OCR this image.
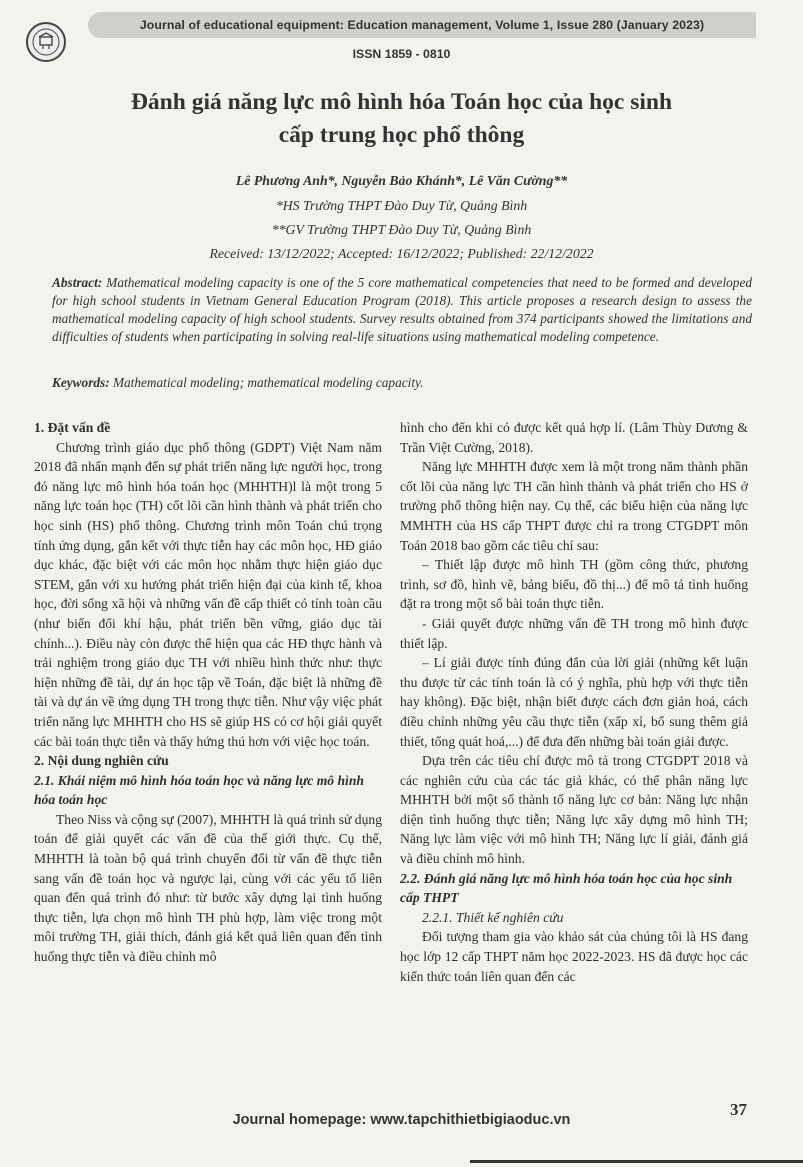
Journal of educational equipment: Education management, Volume 1, Issue 280 (January 2023)
ISSN 1859 - 0810
Đánh giá năng lực mô hình hóa Toán học của học sinh
cấp trung học phổ thông
Lê Phương Anh*, Nguyễn Bảo Khánh*, Lê Văn Cường**
*HS Trường THPT Đào Duy Từ, Quảng Bình
**GV Trường THPT Đào Duy Từ, Quảng Bình
Received: 13/12/2022; Accepted: 16/12/2022; Published: 22/12/2022
Abstract: Mathematical modeling capacity is one of the 5 core mathematical competencies that need to be formed and developed for high school students in Vietnam General Education Program (2018). This article proposes a research design to assess the mathematical modeling capacity of high school students. Survey results obtained from 374 participants showed the limitations and difficulties of students when participating in solving real-life situations using mathematical modeling competence.
Keywords: Mathematical modeling; mathematical modeling capacity.
1. Đặt vấn đề

Chương trình giáo dục phổ thông (GDPT) Việt Nam năm 2018 đã nhấn mạnh đến sự phát triển năng lực người học, trong đó năng lực mô hình hóa toán học (MHHTH)l là một trong 5 năng lực toán học (TH) cốt lõi cần hình thành và phát triển cho học sinh (HS) phổ thông. Chương trình môn Toán chú trọng tính ứng dụng, gắn kết với thực tiễn hay các môn học, HĐ giáo dục khác, đặc biệt với các môn học nhằm thực hiện giáo dục STEM, gắn với xu hướng phát triển hiện đại của kinh tế, khoa học, đời sống xã hội và những vấn đề cấp thiết có tính toàn cầu (như biến đổi khí hậu, phát triển bền vững, giáo dục tài chính...). Điều này còn được thể hiện qua các HĐ thực hành và trải nghiệm trong giáo dục TH với nhiều hình thức như: thực hiện những đề tài, dự án học tập về Toán, đặc biệt là những đề tài và dự án về ứng dụng TH trong thực tiễn. Như vậy việc phát triển năng lực MHHTH cho HS sẽ giúp HS có cơ hội giải quyết các bài toán thực tiễn và thấy hứng thú hơn với việc học toán.

2. Nội dung nghiên cứu
2.1. Khái niệm mô hình hóa toán học và năng lực mô hình hóa toán học

Theo Niss và cộng sự (2007), MHHTH là quá trình sử dụng toán để giải quyết các vấn đề của thế giới thực. Cụ thể, MHHTH là toàn bộ quá trình chuyển đổi từ vấn đề thực tiễn sang vấn đề toán học và ngược lại, cùng với các yếu tố liên quan đến quá trình đó như: từ bước xây dựng lại tình huống thực tiễn, lựa chọn mô hình TH phù hợp, làm việc trong một môi trường TH, giải thích, đánh giá kết quả liên quan đến tình huống thực tiễn và điều chỉnh mô

hình cho đến khi có được kết quả hợp lí. (Lâm Thùy Dương & Trần Việt Cường, 2018).

Năng lực MHHTH được xem là một trong năm thành phần cốt lõi của năng lực TH cần hình thành và phát triển cho HS ở trường phổ thông hiện nay. Cụ thể, các biểu hiện của năng lực MMHTH của HS cấp THPT được chỉ ra trong CTGDPT môn Toán 2018 bao gồm các tiêu chí sau:

– Thiết lập được mô hình TH (gồm công thức, phương trình, sơ đồ, hình vẽ, bảng biểu, đồ thị...) để mô tả tình huống đặt ra trong một số bài toán thực tiễn.

- Giải quyết được những vấn đề TH trong mô hình được thiết lập.

– Lí giải được tính đúng đắn của lời giải (những kết luận thu được từ các tính toán là có ý nghĩa, phù hợp với thực tiễn hay không). Đặc biệt, nhận biết được cách đơn giản hoá, cách điều chỉnh những yêu cầu thực tiễn (xấp xỉ, bổ sung thêm giả thiết, tổng quát hoá,...) để đưa đến những bài toán giải được.

Dựa trên các tiêu chí được mô tả trong CTGDPT 2018 và các nghiên cứu của các tác giả khác, có thể phân năng lực MHHTH bởi một số thành tố năng lực cơ bản: Năng lực nhận diện tình huống thực tiễn; Năng lực xây dựng mô hình TH; Năng lực làm việc với mô hình TH; Năng lực lí giải, đánh giá và điều chỉnh mô hình.

2.2. Đánh giá năng lực mô hình hóa toán học của học sinh cấp THPT
2.2.1. Thiết kế nghiên cứu

Đối tượng tham gia vào khảo sát của chúng tôi là HS đang học lớp 12 cấp THPT năm học 2022-2023. HS đã được học các kiến thức toán liên quan đến các

37
Journal homepage: www.tapchithietbigiaoduc.vn
